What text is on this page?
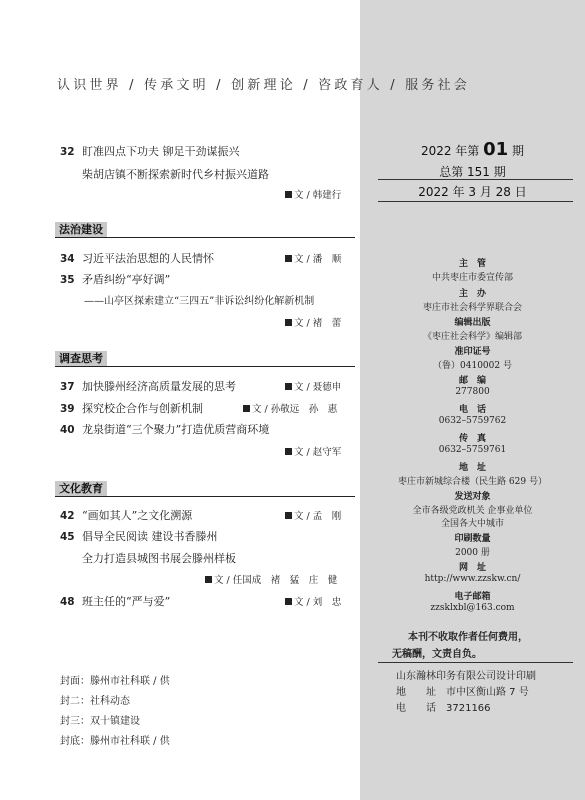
认识世界 / 传承文明 / 创新理论 / 咨政育人 / 服务社会
32 盯准四点下功夫 铆足干劲谋振兴
柴胡店镇不断探索新时代乡村振兴道路
文 / 韩建行
法治建设
34 习近平法治思想的人民情怀	文 / 潘　顺
35 矛盾纠纷“亭好调”
——山亭区探索建立“三四五”非诉讼纠纷化解新机制
文 / 褚　蕾
调查思考
37 加快滕州经济高质量发展的思考	文 / 聂德申
39 探究校企合作与创新机制	文 / 孙敬远　孙　惠
40 龙泉街道“三个聚力”打造优质营商环境
文 / 赵守军
文化教育
42 “画如其人”之文化溯源	文 / 孟　刚
45 倡导全民阅读 建设书香滕州
全力打造县城图书展会滕州样板
文 / 任国成　褚　猛　庄　健
48 班主任的“严与爱”	文 / 刘　忠
封面：滕州市社科联 / 供
封二：社科动态
封三：双十镇建设
封底：滕州市社科联 / 供
2022 年第 01 期
总第 151 期
2022 年 3 月 28 日
主　管
中共枣庄市委宣传部
主　办
枣庄市社会科学界联合会
编辑出版
《枣庄社会科学》编辑部
准印证号
（鲁）0410002 号
邮　编
277800
电　话
0632–5759762
传　真
0632–5759761
地　址
枣庄市新城综合楼（民生路 629 号）
发送对象
全市各级党政机关 企事业单位
全国各大中城市
印刷数量
2000 册
网　址
http://www.zzskw.cn/
电子邮箱
zzsklxbl@163.com
本刊不收取作者任何费用，
无稿酬，文责自负。
山东瀚林印务有限公司设计印刷
地　　址　 市中区衡山路 7 号
电　　话　 3721166
